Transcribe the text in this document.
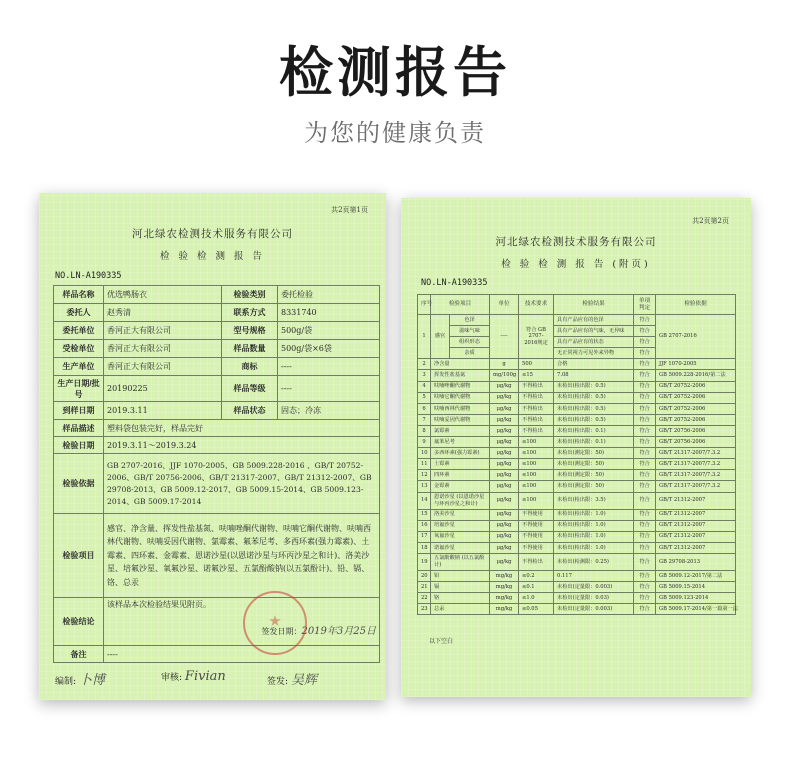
检测报告
为您的健康负责
共2页第1页
河北绿农检测技术服务有限公司
检 验 检 测 报 告
NO.LN-A190335
样品名称	优选鸭肠衣	检验类别	委托检验
委托人	赵秀清	联系方式	8331740
委托单位	香河正大有限公司	型号规格	500g/袋
受检单位	香河正大有限公司	样品数量	500g/袋×6袋
生产单位	香河正大有限公司	商标	----
生产日期/批号	20190225	样品等级	----
到样日期	2019.3.11	样品状态	固态；冷冻
样品描述	塑料袋包装完好，样品完好		
检验日期	2019.3.11～2019.3.24		
检验依据	GB 2707-2016、JJF 1070-2005、GB 5009.228-2016 、GB/T 20752-2006、GB/T 20756-2006、GB/T 21317-2007、GB/T 21312-2007、GB 29708-2013、GB 5009.12-2017、GB 5009.15-2014、GB 5009.123-2014、GB 5009.17-2014		
检验项目	感官、净含量、挥发性盐基氮、呋喃唑酮代谢物、呋喃它酮代谢物、呋喃西林代谢物、呋喃妥因代谢物、氯霉素、氟苯尼考、多西环素(强力霉素)、土霉素、四环素、金霉素、恩诺沙星(以恩诺沙星与环丙沙星之和计)、洛美沙星、培氟沙星、氧氟沙星、诺氟沙星、五氯酚酸钠(以五氯酚计)、铅、镉、铬、总汞		
检验结论	该样品本次检验结果见附页。
签发日期：2019年3月25日		

备注	----		
编制: 卜博	审核: Fivian	签发: 吴辉
共2页第2页
河北绿农检测技术服务有限公司
检 验 检 测 报 告 (附页)
NO.LN-A190335
序号	检验项目		单位	技术要求	检验结果	单项判定	检验依据
1	感官	色泽	----	符合 GB 2707-2016规定	具有产品应有的色泽	符合	GB 2707-2016
		滋味气味			具有产品应有的气味，无异味	符合	
		组织形态			具有产品应有的状态	符合	
		杂质			无正常视力可见外来异物	符合	
2	净含量		g	500	合格	符合	JJF 1070-2005
3	挥发性盐基氮		mg/100g	≤15	7.08	符合	GB 5009.228-2016/第二法
4	呋喃唑酮代谢物		μg/kg	不得检出	未检出(检出限：0.5)	符合	GB/T 20752-2006
5	呋喃它酮代谢物		μg/kg	不得检出	未检出(检出限：0.5)	符合	GB/T 20752-2006
6	呋喃西林代谢物		μg/kg	不得检出	未检出(检出限：0.5)	符合	GB/T 20752-2006
7	呋喃妥因代谢物		μg/kg	不得检出	未检出(检出限：0.5)	符合	GB/T 20752-2006
8	氯霉素		μg/kg	不得检出	未检出(检出限：0.1)	符合	GB/T 20756-2006
9	氟苯尼考		μg/kg	≤100	未检出(检出限：0.1)	符合	GB/T 20756-2006
10	多西环素(强力霉素)		μg/kg	≤100	未检出(测定限：50)	符合	GB/T 21317-2007/7.3.2
11	土霉素		μg/kg	≤100	未检出(测定限：50)	符合	GB/T 21317-2007/7.3.2
12	四环素		μg/kg	≤100	未检出(测定限：50)	符合	GB/T 21317-2007/7.3.2
13	金霉素		μg/kg	≤100	未检出(测定限：50)	符合	GB/T 21317-2007/7.3.2
14	恩诺沙星 (以恩诺沙星与环丙沙星之和计)		μg/kg	≤100	未检出(检出限：3.5)	符合	GB/T 21312-2007
15	洛美沙星		μg/kg	不得使用	未检出(检出限：1.0)	符合	GB/T 21312-2007
16	培氟沙星		μg/kg	不得使用	未检出(检出限：1.0)	符合	GB/T 21312-2007
17	氧氟沙星		μg/kg	不得使用	未检出(检出限：1.0)	符合	GB/T 21312-2007
18	诺氟沙星		μg/kg	不得使用	未检出(检出限：1.0)	符合	GB/T 21312-2007
19	五氯酚酸钠 (以五氯酚计)		μg/kg	不得检出	未检出(检测限：0.25)	符合	GB 29708-2013
20	铅		mg/kg	≤0.2	0.117	符合	GB 5009.12-2017/第二法
21	镉		mg/kg	≤0.1	未检出(定量限：0.003)	符合	GB 5009.15-2014
22	铬		mg/kg	≤1.0	未检出(定量限：0.03)	符合	GB 5009.123-2014
23	总汞		mg/kg	≤0.05	未检出(定量限：0.003)	符合	GB 5009.17-2014/第一篇第一法
以下空白
